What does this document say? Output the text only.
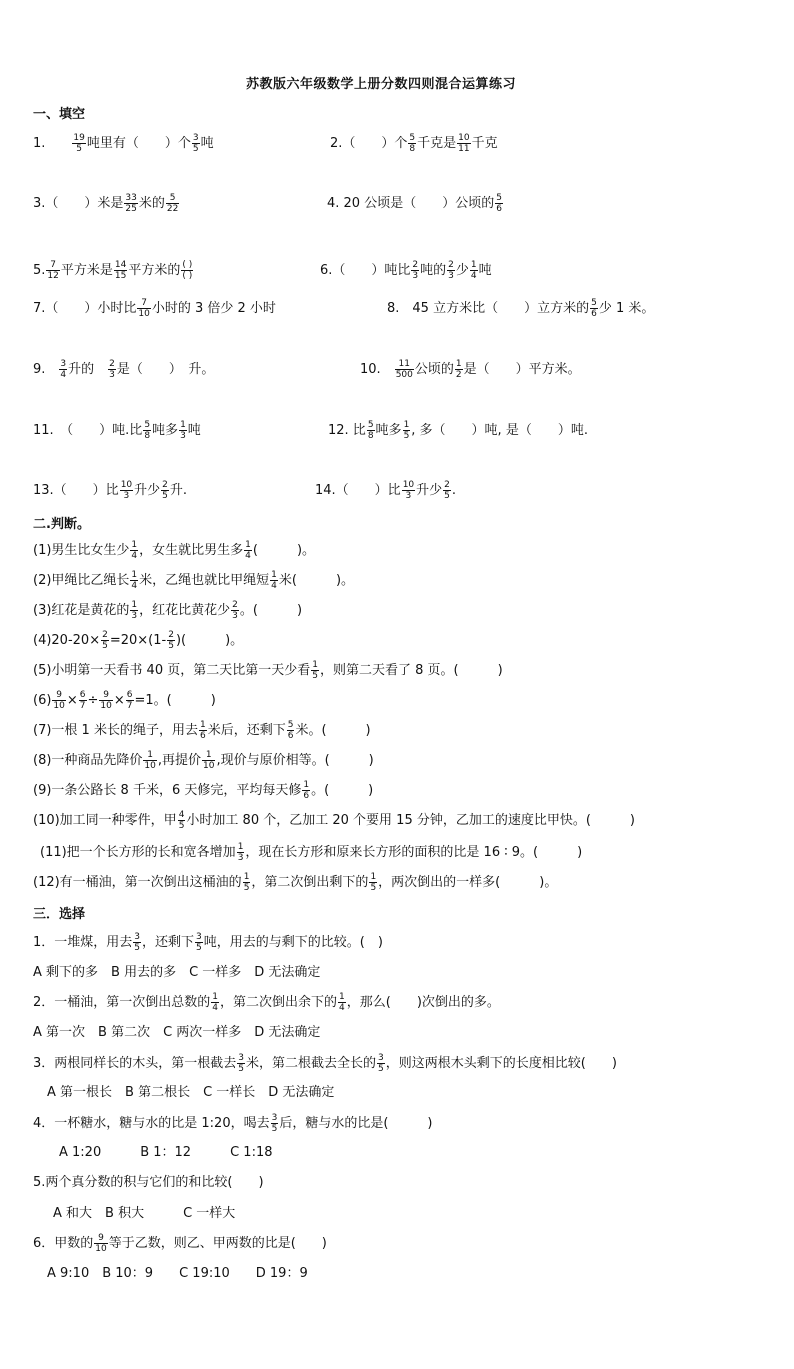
苏教版六年级数学上册分数四则混合运算练习
一、填空
1.　　 $\frac{19}{5}$ 吨里有（　　）个 $\frac{3}{5}$ 吨	2.（　　）个 $\frac{5}{8}$ 千克是 $\frac{10}{11}$ 千克
3.（　　）米是 $\frac{33}{25}$ 米的 $\frac{5}{22}$	4. 20 公顷是（　　）公顷的 $\frac{5}{6}$
5. $\frac{7}{12}$ 平方米是 $\frac{14}{15}$ 平方米的 $\frac{( )}{( )}$	6.（　　）吨比 $\frac{2}{3}$ 吨的 $\frac{2}{3}$ 少 $\frac{1}{4}$ 吨
7.（　　）小时比 $\frac{7}{10}$ 小时的 3 倍少 2 小时	8.　45 立方米比（　　）立方米的 $\frac{5}{6}$ 少 1 米。
9.　 $\frac{3}{4}$ 升的　 $\frac{2}{3}$ 是（　　）　升。	10.　 $\frac{11}{500}$ 公顷的 $\frac{1}{2}$ 是（　　）平方米。
11.　（　　）吨.比 $\frac{5}{8}$ 吨多 $\frac{1}{3}$ 吨	12. 比 $\frac{5}{8}$ 吨多 $\frac{1}{5}$ , 多（　　）吨, 是（　　）吨.
13.（　　）比 $\frac{10}{3}$ 升少 $\frac{2}{5}$ 升.	14.（　　）比 $\frac{10}{3}$ 升少 $\frac{2}{5}$ .
二.判断。
(1)男生比女生少 $\frac{1}{4}$ ，女生就比男生多 $\frac{1}{4}$ (　　　)。
(2)甲绳比乙绳长 $\frac{1}{4}$ 米，乙绳也就比甲绳短 $\frac{1}{4}$ 米(　　　)。
(3)红花是黄花的 $\frac{1}{3}$ ，红花比黄花少 $\frac{2}{3}$ 。(　　　)
$(4)20-20\times \frac{2}{5} =20\times(1- \frac{2}{5}$ )(　　　)。
(5)小明第一天看书 40 页，第二天比第一天少看 $\frac{1}{5}$ ，则第二天看了 8 页。(　　　)
$(6) \frac{9}{10} \times \frac{6}{7} \div \frac{9}{10} \times \frac{6}{7} =1$。(　　　)
(7)一根 1 米长的绳子，用去 $\frac{1}{6}$ 米后，还剩下 $\frac{5}{6}$ 米。(　　　)
(8)一种商品先降价 $\frac{1}{10}$ ,再提价 $\frac{1}{10}$ ,现价与原价相等。(　　　)
(9)一条公路长 8 千米，6 天修完，平均每天修 $\frac{1}{6}$ 。(　　　)
(10)加工同一种零件，甲 $\frac{4}{5}$ 小时加工 80 个，乙加工 20 个要用 15 分钟，乙加工的速度比甲快。(　　　)
(11)把一个长方形的长和宽各增加 $\frac{1}{3}$ ，现在长方形和原来长方形的面积的比是 16 ∶ 9。(　　　)
(12)有一桶油，第一次倒出这桶油的 $\frac{1}{5}$ ，第二次倒出剩下的 $\frac{1}{5}$ ，两次倒出的一样多(　　　)。
三．选择
1．一堆煤，用去 $\frac{3}{5}$ ，还剩下 $\frac{3}{5}$ 吨，用去的与剩下的比较。(　)
A 剩下的多　B 用去的多　C 一样多　D 无法确定
2．一桶油，第一次倒出总数的 $\frac{1}{4}$ ，第二次倒出余下的 $\frac{1}{4}$ ，那么(　　)次倒出的多。
A 第一次　B 第二次　C 两次一样多　D 无法确定
3．两根同样长的木头，第一根截去 $\frac{3}{5}$ 米，第二根截去全长的 $\frac{3}{5}$ ，则这两根木头剩下的长度相比较(　　)
A 第一根长　B 第二根长　C 一样长　D 无法确定
4．一杯糖水，糖与水的比是 1:20，喝去 $\frac{3}{5}$ 后，糖与水的比是(　　　)
A 1:20　　　B 1：12　　　C 1:18
5.两个真分数的积与它们的和比较(　　)
A 和大　B 积大　　　C 一样大
6．甲数的 $\frac{9}{10}$ 等于乙数，则乙、甲两数的比是(　　)
A 9:10　B 10：9　　C 19:10　　D 19：9
